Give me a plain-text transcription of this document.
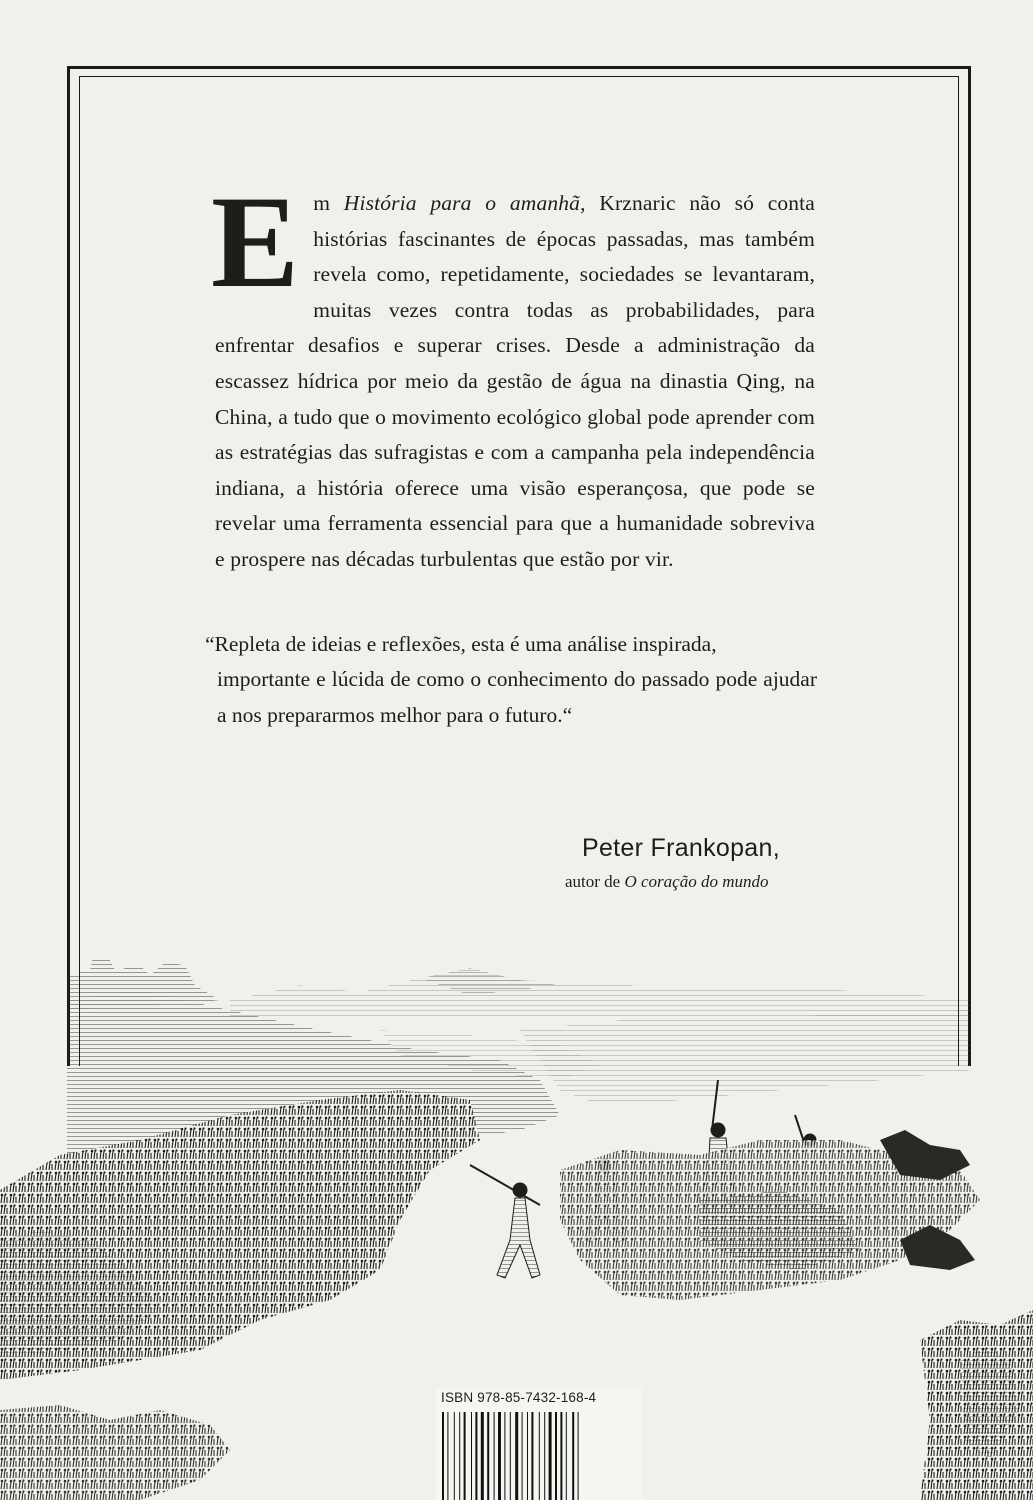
Em História para o amanhã, Krznaric não só conta histórias fascinantes de épocas passadas, mas também revela como, repetidamente, sociedades se levantaram, muitas vezes contra todas as probabilidades, para enfrentar desafios e superar crises. Desde a administração da escassez hídrica por meio da gestão de água na dinastia Qing, na China, a tudo que o movimento ecológico global pode aprender com as estratégias das sufragistas e com a campanha pela independência indiana, a história oferece uma visão esperançosa, que pode se revelar uma ferramenta essencial para que a humanidade sobreviva e prospere nas décadas turbulentas que estão por vir.

“Repleta de ideias e reflexões, esta é uma análise inspirada,
importante e lúcida de como o conhecimento do passado pode ajudar a nos prepararmos melhor para o futuro.“

Peter Frankopan,
autor de O coração do mundo
ISBN 978-85-7432-168-4
